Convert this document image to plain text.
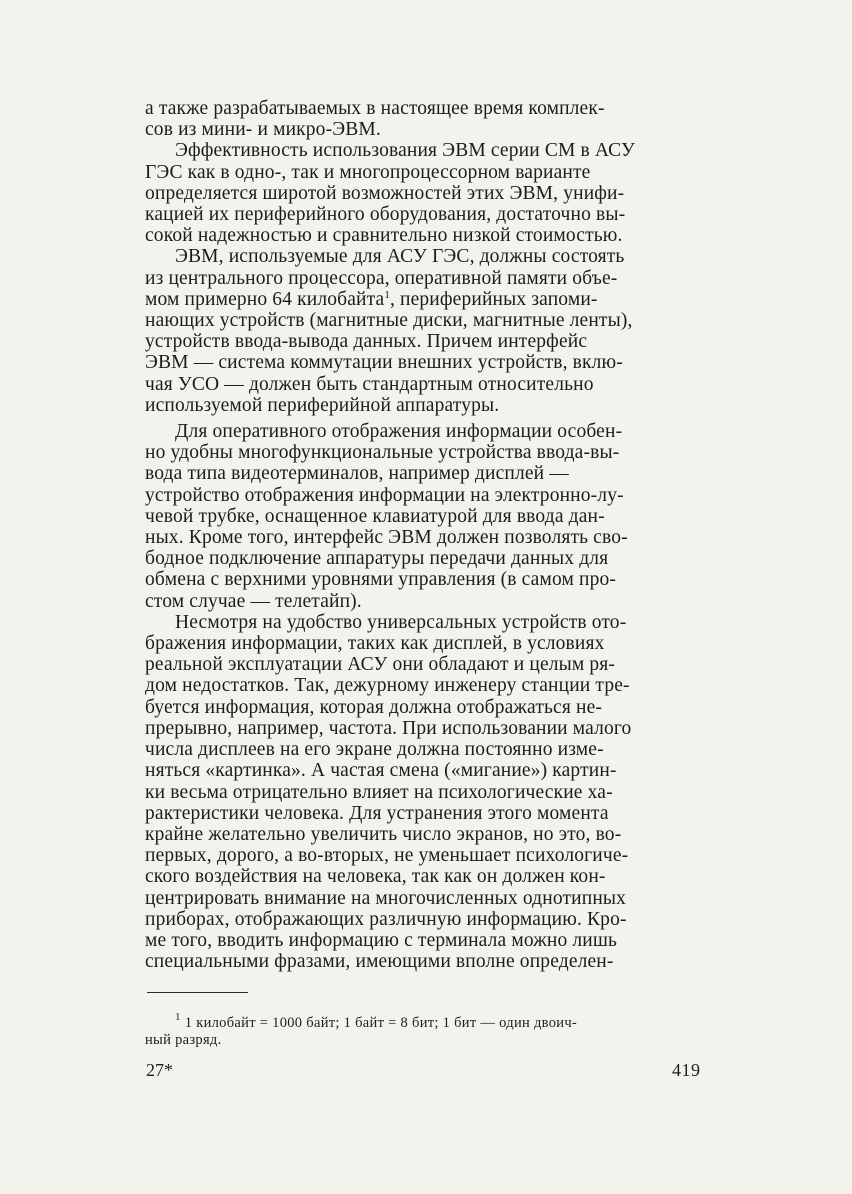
а также разрабатываемых в настоящее время комплек-
сов из мини- и микро-ЭВМ.

Эффективность использования ЭВМ серии СМ в АСУ
ГЭС как в одно-, так и многопроцессорном варианте
определяется широтой возможностей этих ЭВМ, унифи-
кацией их периферийного оборудования, достаточно вы-
сокой надежностью и сравнительно низкой стоимостью.

ЭВМ, используемые для АСУ ГЭС, должны состоять
из центрального процессора, оперативной памяти объе-
мом примерно 64 килобайта$^1$, периферийных запоми-
нающих устройств (магнитные диски, магнитные ленты),
устройств ввода-вывода данных. Причем интерфейс
ЭВМ — система коммутации внешних устройств, вклю-
чая УСО — должен быть стандартным относительно
используемой периферийной аппаратуры.

Для оперативного отображения информации особен-
но удобны многофункциональные устройства ввода-вы-
вода типа видеотерминалов, например дисплей —
устройство отображения информации на электронно-лу-
чевой трубке, оснащенное клавиатурой для ввода дан-
ных. Кроме того, интерфейс ЭВМ должен позволять сво-
бодное подключение аппаратуры передачи данных для
обмена с верхними уровнями управления (в самом про-
стом случае — телетайп).

Несмотря на удобство универсальных устройств ото-
бражения информации, таких как дисплей, в условиях
реальной эксплуатации АСУ они обладают и целым ря-
дом недостатков. Так, дежурному инженеру станции тре-
буется информация, которая должна отображаться не-
прерывно, например, частота. При использовании малого
числа дисплеев на его экране должна постоянно изме-
няться «картинка». А частая смена («мигание») картин-
ки весьма отрицательно влияет на психологические ха-
рактеристики человека. Для устранения этого момента
крайне желательно увеличить число экранов, но это, во-
первых, дорого, а во-вторых, не уменьшает психологиче-
ского воздействия на человека, так как он должен кон-
центрировать внимание на многочисленных однотипных
приборах, отображающих различную информацию. Кро-
ме того, вводить информацию с терминала можно лишь
специальными фразами, имеющими вполне определен-

$^1$ 1 килобайт = 1000 байт; 1 байт = 8 бит; 1 бит — один двоич-
ный разряд.
27*	419
